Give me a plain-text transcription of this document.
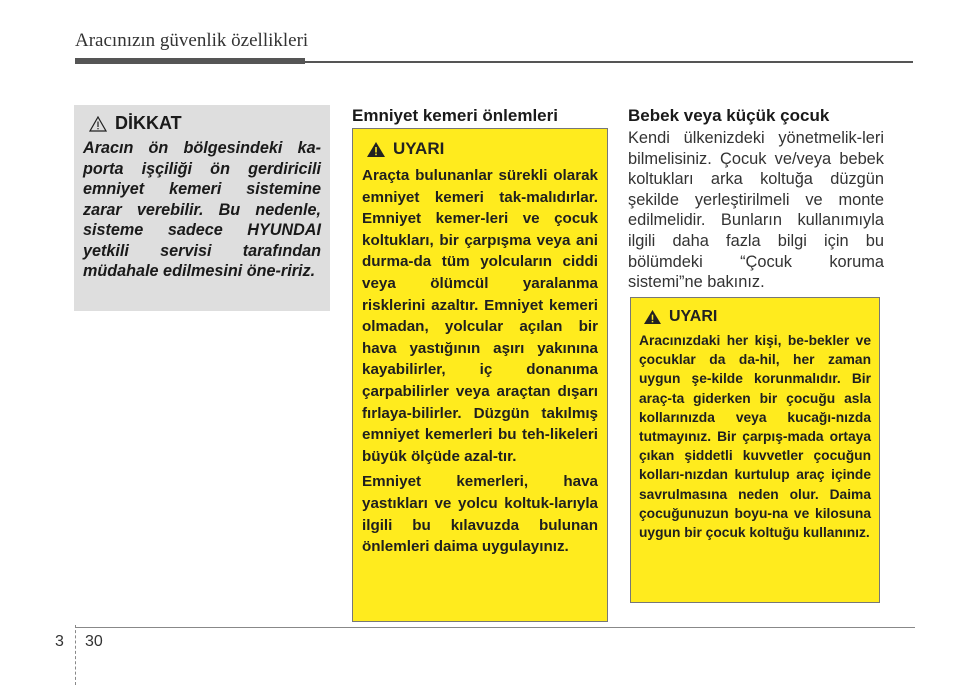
Aracınızın güvenlik özellikleri
DİKKAT

Aracın ön bölgesindeki ka-porta işçiliği ön gerdiricili emniyet kemeri sistemine zarar verebilir. Bu nedenle, sisteme sadece HYUNDAI yetkili servisi tarafından müdahale edilmesini öne-ririz.

Emniyet kemeri önlemleri
UYARI

Araçta bulunanlar sürekli olarak emniyet kemeri tak-malıdırlar. Emniyet kemer-leri ve çocuk koltukları, bir çarpışma veya ani durma-da tüm yolcuların ciddi veya ölümcül yaralanma risklerini azaltır. Emniyet kemeri olmadan, yolcular açılan bir hava yastığının aşırı yakınına kayabilirler, iç donanıma çarpabilirler veya araçtan dışarı fırlaya-bilirler. Düzgün takılmış emniyet kemerleri bu teh-likeleri büyük ölçüde azal-tır.

Emniyet kemerleri, hava yastıkları ve yolcu koltuk-larıyla ilgili bu kılavuzda bulunan önlemleri daima uygulayınız.

Bebek veya küçük çocuk

Kendi ülkenizdeki yönetmelik-leri bilmelisiniz. Çocuk ve/veya bebek koltukları arka koltuğa düzgün şekilde yerleştirilmeli ve monte edilmelidir. Bunların kullanımıyla ilgili daha fazla bilgi için bu bölümdeki “Çocuk koruma sistemi”ne bakınız.

UYARI

Aracınızdaki her kişi, be-bekler ve çocuklar da da-hil, her zaman uygun şe-kilde korunmalıdır. Bir araç-ta giderken bir çocuğu asla kollarınızda veya kucağı-nızda tutmayınız. Bir çarpış-mada ortaya çıkan şiddetli kuvvetler çocuğun kolları-nızdan kurtulup araç içinde savrulmasına neden olur. Daima çocuğunuzun boyu-na ve kilosuna uygun bir çocuk koltuğu kullanınız.

3 30
